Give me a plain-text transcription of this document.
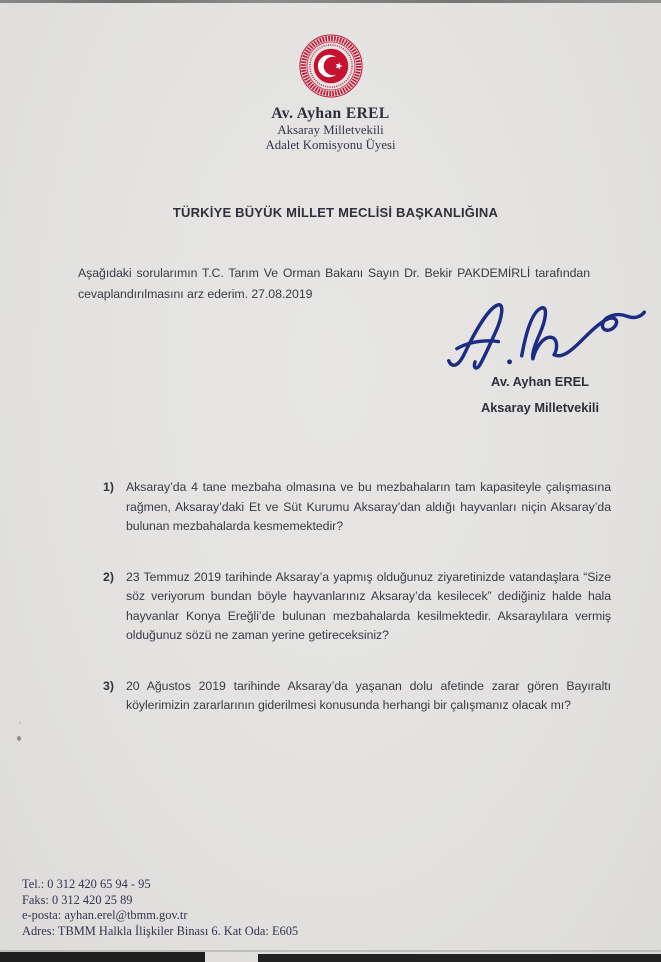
Av. Ayhan EREL
Aksaray Milletvekili
Adalet Komisyonu Üyesi
TÜRKİYE BÜYÜK MİLLET MECLİSİ BAŞKANLIĞINA
Aşağıdaki sorularımın T.C. Tarım Ve Orman Bakanı Sayın Dr. Bekir PAKDEMİRLİ tarafından cevaplandırılmasını arz ederim. 27.08.2019
Av. Ayhan EREL
Aksaray Milletvekili
1) Aksaray’da 4 tane mezbaha olmasına ve bu mezbahaların tam kapasiteyle çalışmasına rağmen, Aksaray’daki Et ve Süt Kurumu Aksaray’dan aldığı hayvanları niçin Aksaray’da bulunan mezbahalarda kesmemektedir?
2) 23 Temmuz 2019 tarihinde Aksaray’a yapmış olduğunuz ziyaretinizde vatandaşlara “Size söz veriyorum bundan böyle hayvanlarınız Aksaray’da kesilecek” dediğiniz halde hala hayvanlar Konya Ereğli’de bulunan mezbahalarda kesilmektedir. Aksaraylılara vermiş olduğunuz sözü ne zaman yerine getireceksiniz?
3) 20 Ağustos 2019 tarihinde Aksaray’da yaşanan dolu afetinde zarar gören Bayıraltı köylerimizin zararlarının giderilmesi konusunda herhangi bir çalışmanız olacak mı?
Tel.: 0 312 420 65 94 - 95
Faks: 0 312 420 25 89
e-posta: ayhan.erel@tbmm.gov.tr
Adres: TBMM Halkla İlişkiler Binası 6. Kat Oda: E605
